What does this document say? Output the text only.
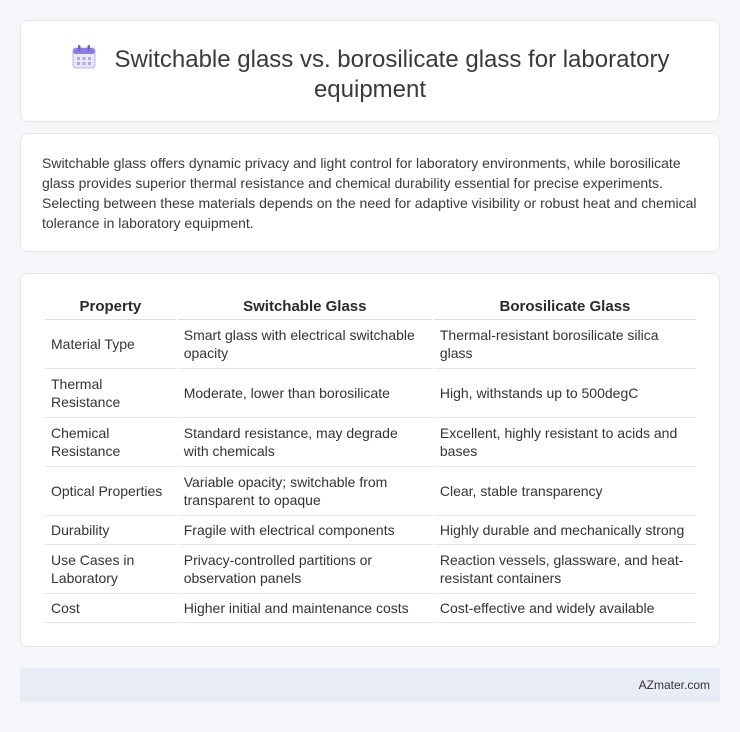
Switchable glass vs. borosilicate glass for laboratory equipment

Switchable glass offers dynamic privacy and light control for laboratory environments, while borosilicate glass provides superior thermal resistance and chemical durability essential for precise experiments. Selecting between these materials depends on the need for adaptive visibility or robust heat and chemical tolerance in laboratory equipment.

Property	Switchable Glass	Borosilicate Glass
Material Type	Smart glass with electrical switchable opacity	Thermal-resistant borosilicate silica glass
Thermal Resistance	Moderate, lower than borosilicate	High, withstands up to 500degC
Chemical Resistance	Standard resistance, may degrade with chemicals	Excellent, highly resistant to acids and bases
Optical Properties	Variable opacity; switchable from transparent to opaque	Clear, stable transparency
Durability	Fragile with electrical components	Highly durable and mechanically strong
Use Cases in Laboratory	Privacy-controlled partitions or observation panels	Reaction vessels, glassware, and heat-resistant containers
Cost	Higher initial and maintenance costs	Cost-effective and widely available
AZmater.com
